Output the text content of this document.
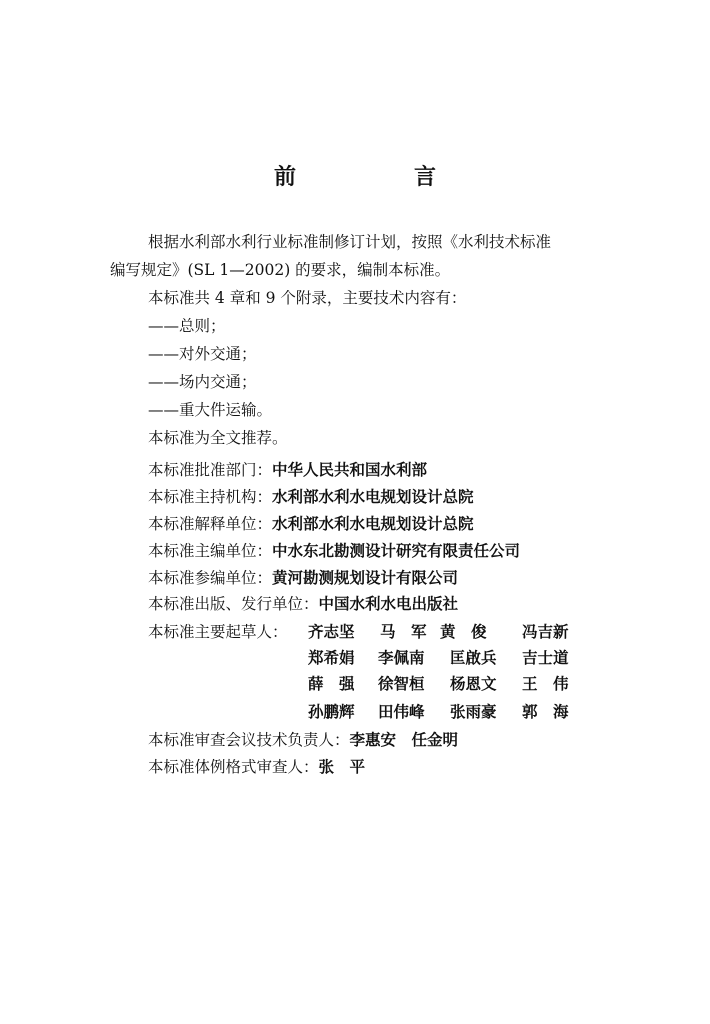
前　言
根据水利部水利行业标准制修订计划，按照《水利技术标准
编写规定》(SL 1—2002) 的要求，编制本标准。
本标准共 4 章和 9 个附录，主要技术内容有：
——总则；
——对外交通；
——场内交通；
——重大件运输。
本标准为全文推荐。
本标准批准部门：中华人民共和国水利部
本标准主持机构：水利部水利水电规划设计总院
本标准解释单位：水利部水利水电规划设计总院
本标准主编单位：中水东北勘测设计研究有限责任公司
本标准参编单位：黄河勘测规划设计有限公司
本标准出版、发行单位：中国水利水电出版社
本标准主要起草人： 齐志坚 马　军 黄　俊 冯吉新
郑希娟 李佩南 匡啟兵 吉士道
薛　强 徐智桓 杨恩文 王　伟
孙鹏辉 田伟峰 张雨豪 郭　海
本标准审查会议技术负责人：李惠安　任金明
本标准体例格式审查人：张　平
